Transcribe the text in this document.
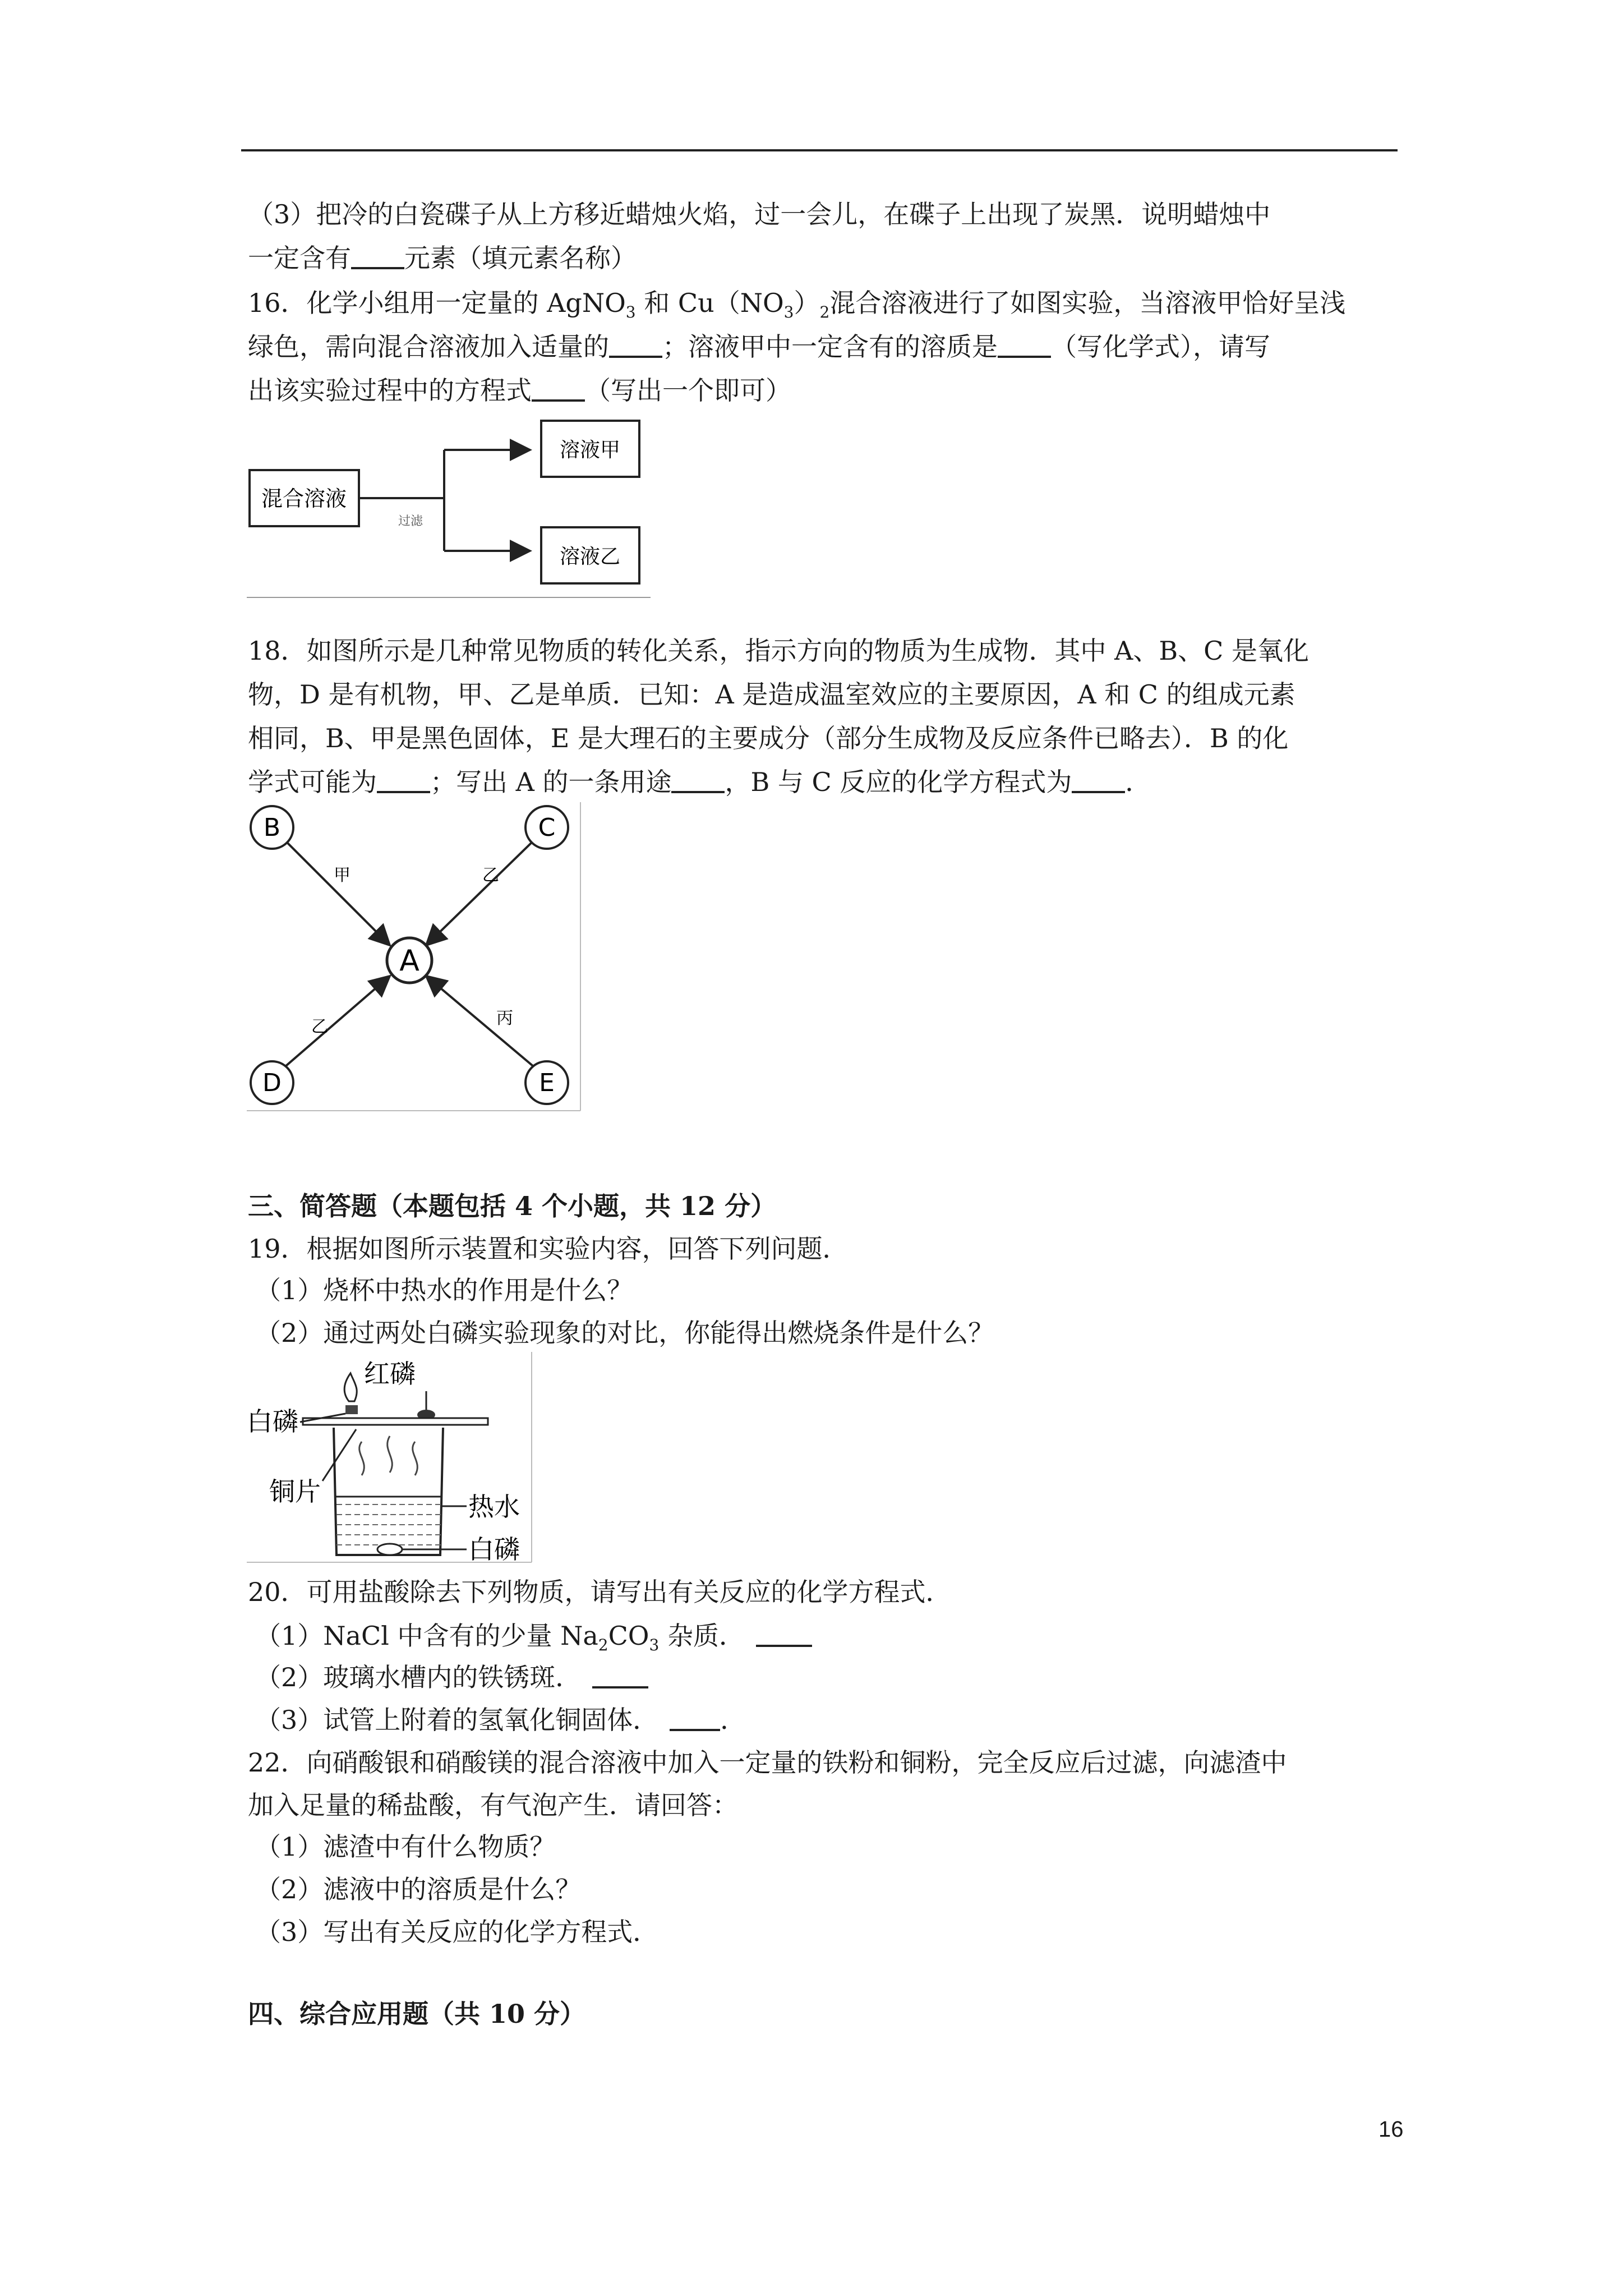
（3）把冷的白瓷碟子从上方移近蜡烛火焰，过一会儿，在碟子上出现了炭黑．说明蜡烛中
一定含有 元素（填元素名称）
16．化学小组用一定量的 AgNO$_3$ 和 $Cu(NO_3)_2$混合溶液进行了如图实验，当溶液甲恰好呈浅
绿色，需向混合溶液加入适量的 ；溶液甲中一定含有的溶质是 （写化学式），请写
出该实验过程中的方程式 （写出一个即可）
混合溶液
过滤
溶液甲
溶液乙
18．如图所示是几种常见物质的转化关系，指示方向的物质为生成物．其中 A、B、C 是氧化
物，D 是有机物，甲、乙是单质．已知：A 是造成温室效应的主要原因，A 和 C 的组成元素
相同，B、甲是黑色固体，E 是大理石的主要成分（部分生成物及反应条件已略去）．B 的化
学式可能为 ；写出 A 的一条用途 ，B 与 C 反应的化学方程式为 ．
B	C
D	E
A
甲	乙
乙	丙
三、简答题（本题包括 4 个小题，共 12 分）
19．根据如图所示装置和实验内容，回答下列问题．
（1）烧杯中热水的作用是什么？
（2）通过两处白磷实验现象的对比，你能得出燃烧条件是什么？
红磷
白磷
铜片	热水
白磷
20．可用盐酸除去下列物质，请写出有关反应的化学方程式．
（1）NaCl 中含有的少量 $Na_2CO_3$ 杂质．
（2）玻璃水槽内的铁锈斑．
（3）试管上附着的氢氧化铜固体． ．
22．向硝酸银和硝酸镁的混合溶液中加入一定量的铁粉和铜粉，完全反应后过滤，向滤渣中
加入足量的稀盐酸，有气泡产生．请回答：
（1）滤渣中有什么物质？
（2）滤液中的溶质是什么？
（3）写出有关反应的化学方程式．
四、综合应用题（共 10 分）
16
